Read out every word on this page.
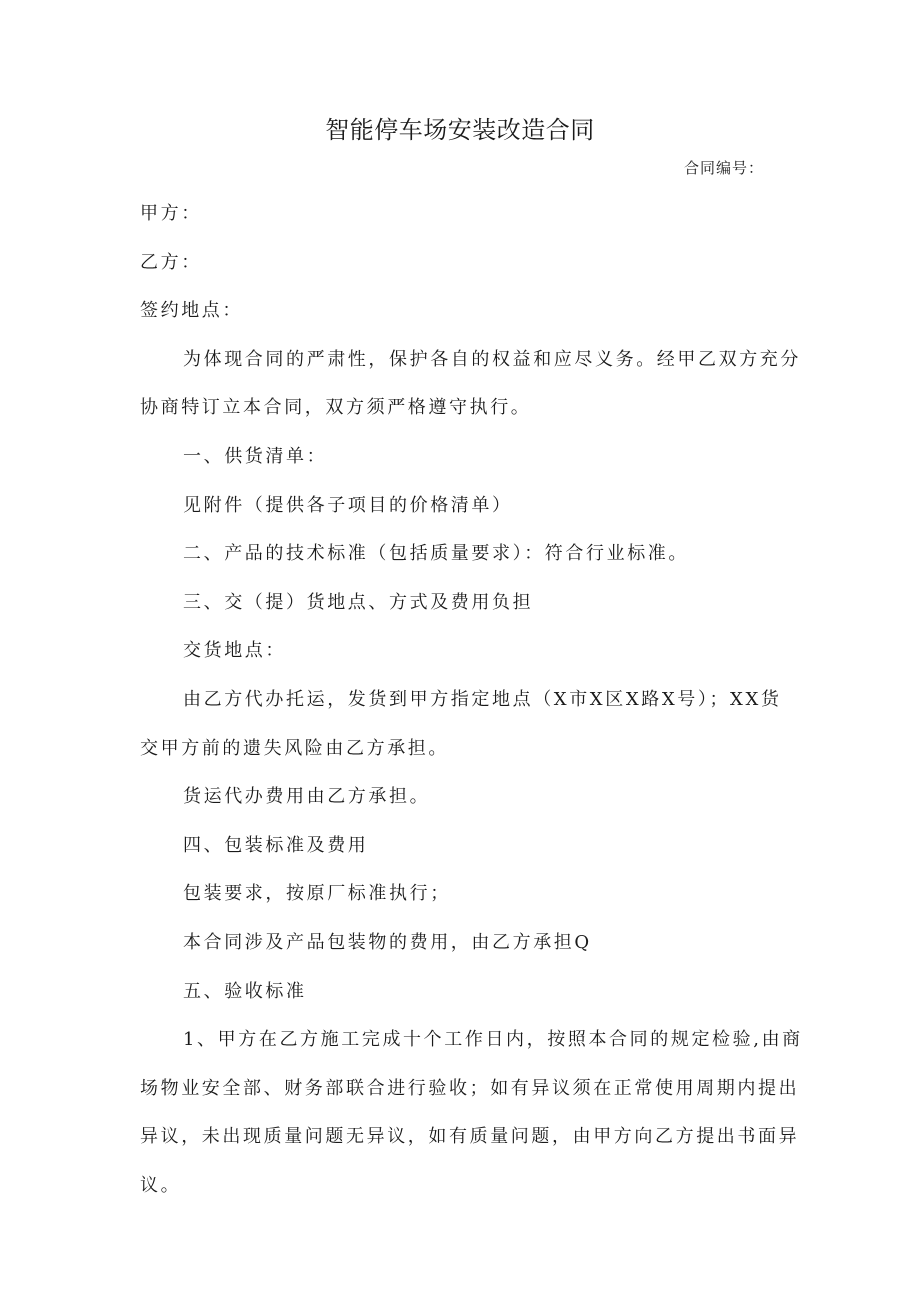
智能停车场安装改造合同
合同编号：

甲方：

乙方：

签约地点：

为体现合同的严肃性，保护各自的权益和应尽义务。经甲乙双方充分

协商特订立本合同，双方须严格遵守执行。

一、供货清单：

见附件（提供各子项目的价格清单）

二、产品的技术标准（包括质量要求）：符合行业标准。

三、交（提）货地点、方式及费用负担

交货地点：

由乙方代办托运，发货到甲方指定地点（X市X区X路X号）；XX货

交甲方前的遗失风险由乙方承担。

货运代办费用由乙方承担。

四、包装标准及费用

包装要求，按原厂标准执行；

本合同涉及产品包装物的费用，由乙方承担Q

五、验收标准

1、甲方在乙方施工完成十个工作日内，按照本合同的规定检验,由商

场物业安全部、财务部联合进行验收；如有异议须在正常使用周期内提出

异议，未出现质量问题无异议，如有质量问题，由甲方向乙方提出书面异

议。
